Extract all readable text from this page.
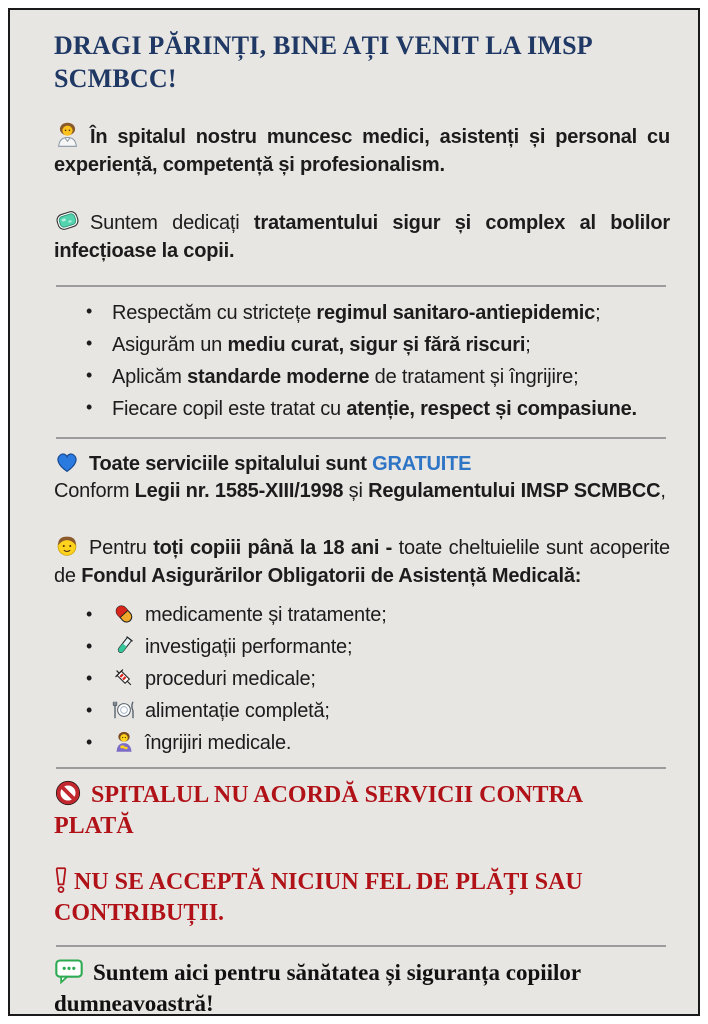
DRAGI PĂRINȚI, BINE AȚI VENIT LA IMSP
SCMBCC!

În spitalul nostru muncesc medici, asistenți și personal cu experiență, competență și profesionalism.

Suntem dedicați tratamentului sigur și complex al bolilor infecțioase la copii.

• Respectăm cu strictețe regimul sanitaro-antiepidemic;
• Asigurăm un mediu curat, sigur și fără riscuri;
• Aplicăm standarde moderne de tratament și îngrijire;
• Fiecare copil este tratat cu atenție, respect și compasiune.

Toate serviciile spitalului sunt GRATUITE

Conform Legii nr. 1585-XIII/1998 și Regulamentului IMSP SCMBCC,

Pentru toți copiii până la 18 ani - toate cheltuielile sunt acoperite de Fondul Asigurărilor Obligatorii de Asistență Medicală:

• medicamente și tratamente;
• investigații performante;
• proceduri medicale;
• alimentație completă;
• îngrijiri medicale.
SPITALUL NU ACORDĂ SERVICII CONTRA
PLATĂ
NU SE ACCEPTĂ NICIUN FEL DE PLĂȚI SAU
CONTRIBUȚII.

Suntem aici pentru sănătatea și siguranța copiilor
dumneavoastră!
